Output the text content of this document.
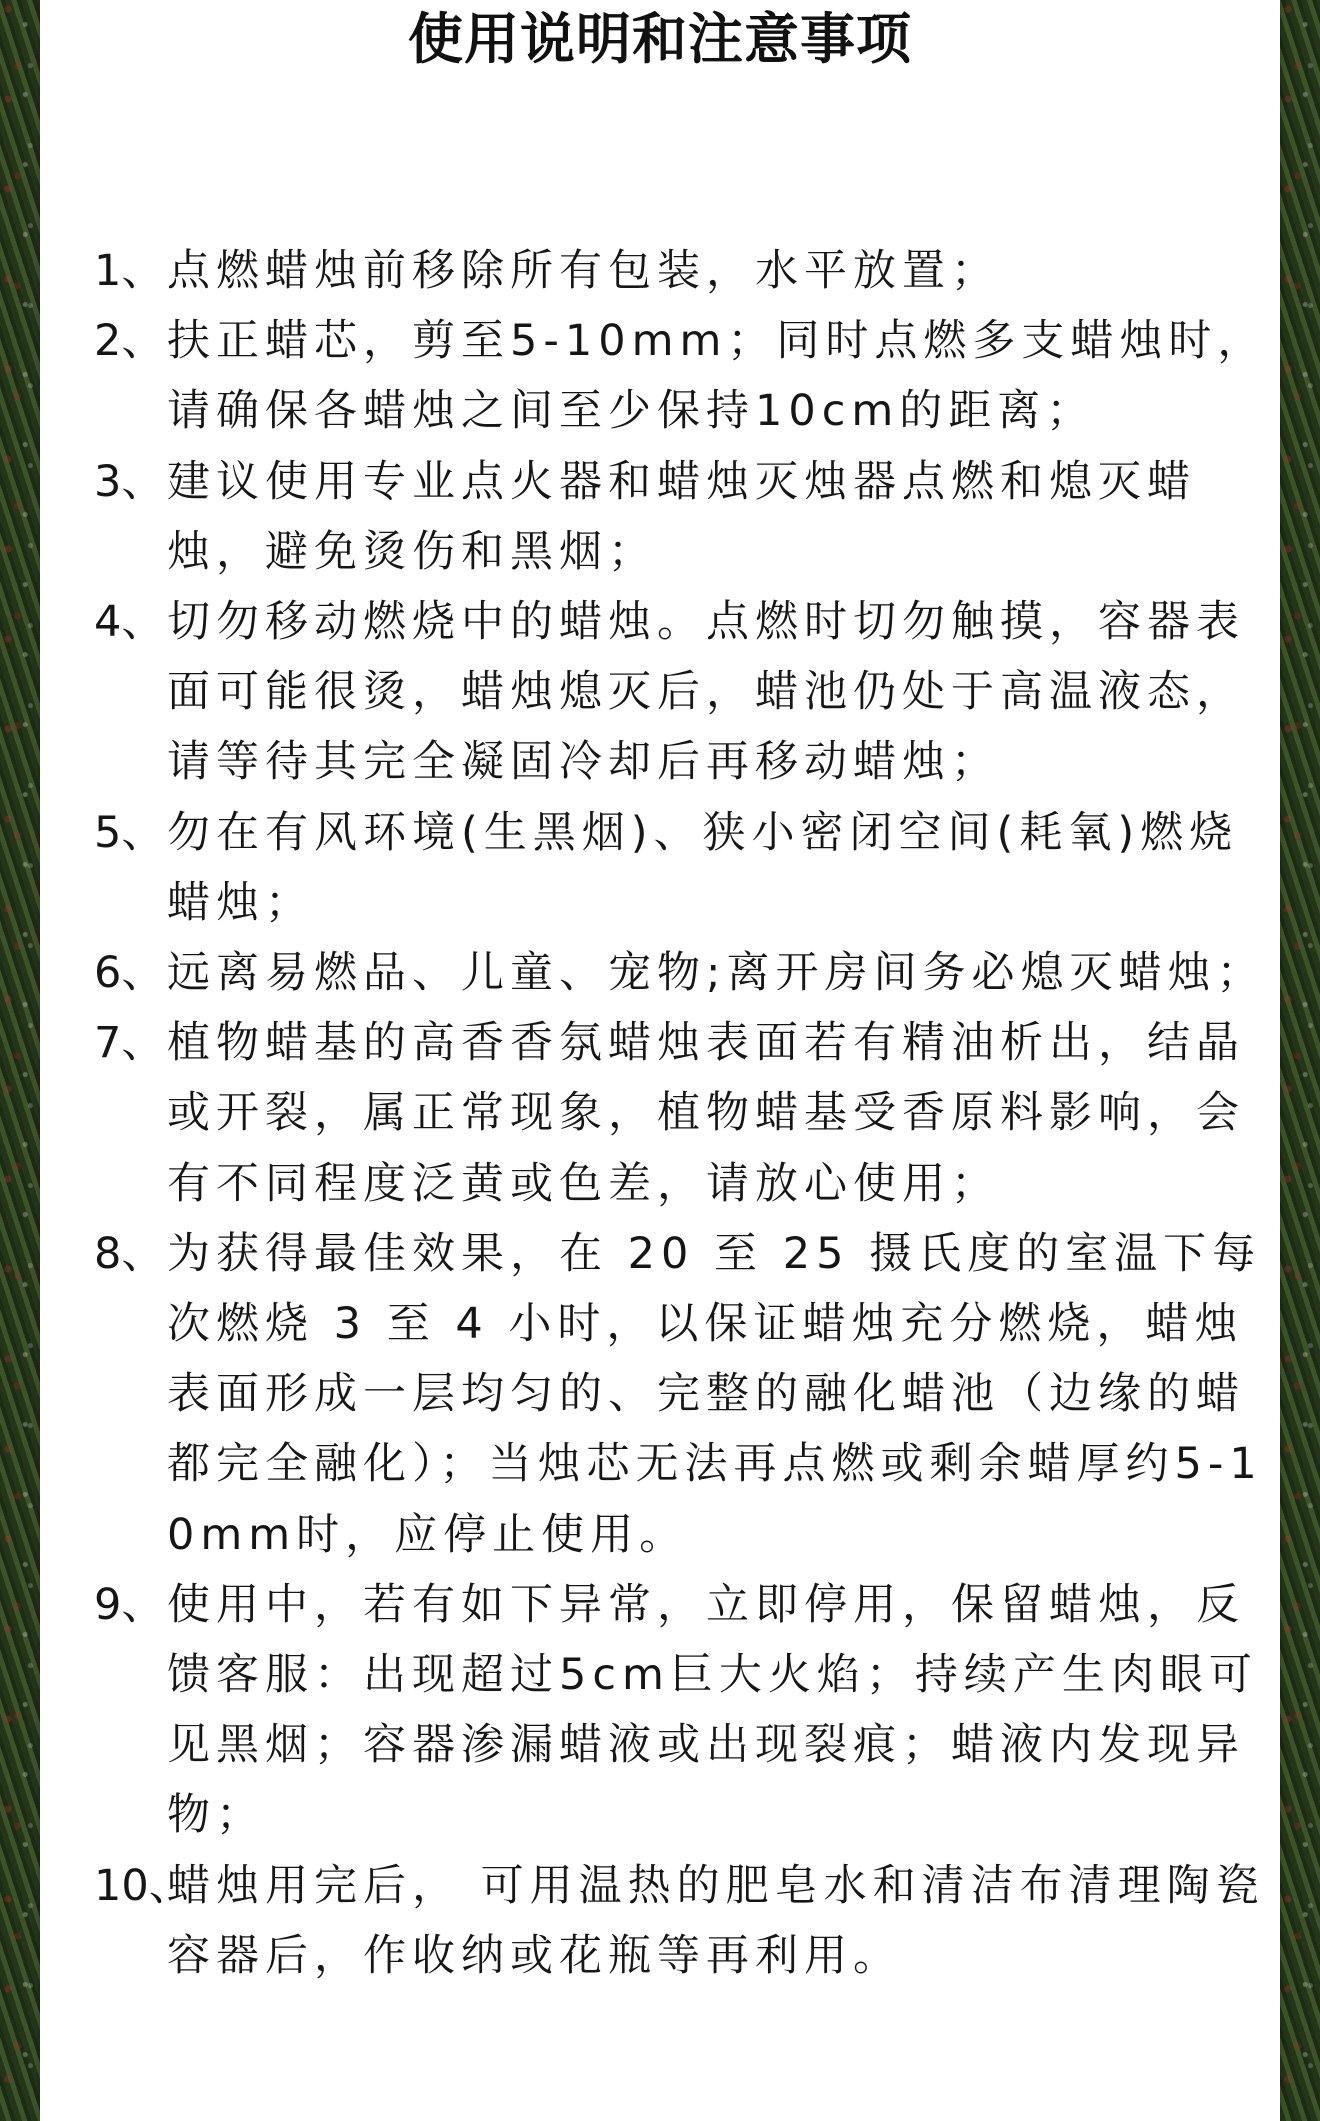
使用说明和注意事项
1、 点燃蜡烛前移除所有包装，水平放置；
2、 扶正蜡芯，剪至5-10mm；同时点燃多支蜡烛时，请确保各蜡烛之间至少保持10cm的距离；
3、 建议使用专业点火器和蜡烛灭烛器点燃和熄灭蜡烛，避免烫伤和黑烟；
4、 切勿移动燃烧中的蜡烛。点燃时切勿触摸，容器表面可能很烫，蜡烛熄灭后，蜡池仍处于高温液态，请等待其完全凝固冷却后再移动蜡烛；
5、 勿在有风环境(生黑烟)、狭小密闭空间(耗氧)燃烧蜡烛；
6、 远离易燃品、儿童、宠物;离开房间务必熄灭蜡烛；
7、 植物蜡基的高香香氛蜡烛表面若有精油析出，结晶或开裂，属正常现象，植物蜡基受香原料影响，会有不同程度泛黄或色差，请放心使用；
8、 为获得最佳效果，在 20 至 25 摄氏度的室温下每次燃烧 3 至 4 小时，以保证蜡烛充分燃烧，蜡烛表面形成一层均匀的、完整的融化蜡池（边缘的蜡都完全融化）；当烛芯无法再点燃或剩余蜡厚约5-10mm时，应停止使用。
9、 使用中，若有如下异常，立即停用，保留蜡烛，反馈客服：出现超过5cm巨大火焰；持续产生肉眼可见黑烟；容器渗漏蜡液或出现裂痕；蜡液内发现异物；
10、
蜡烛用完后， 可用温热的肥皂水和清洁布清理陶瓷容器后，作收纳或花瓶等再利用。
